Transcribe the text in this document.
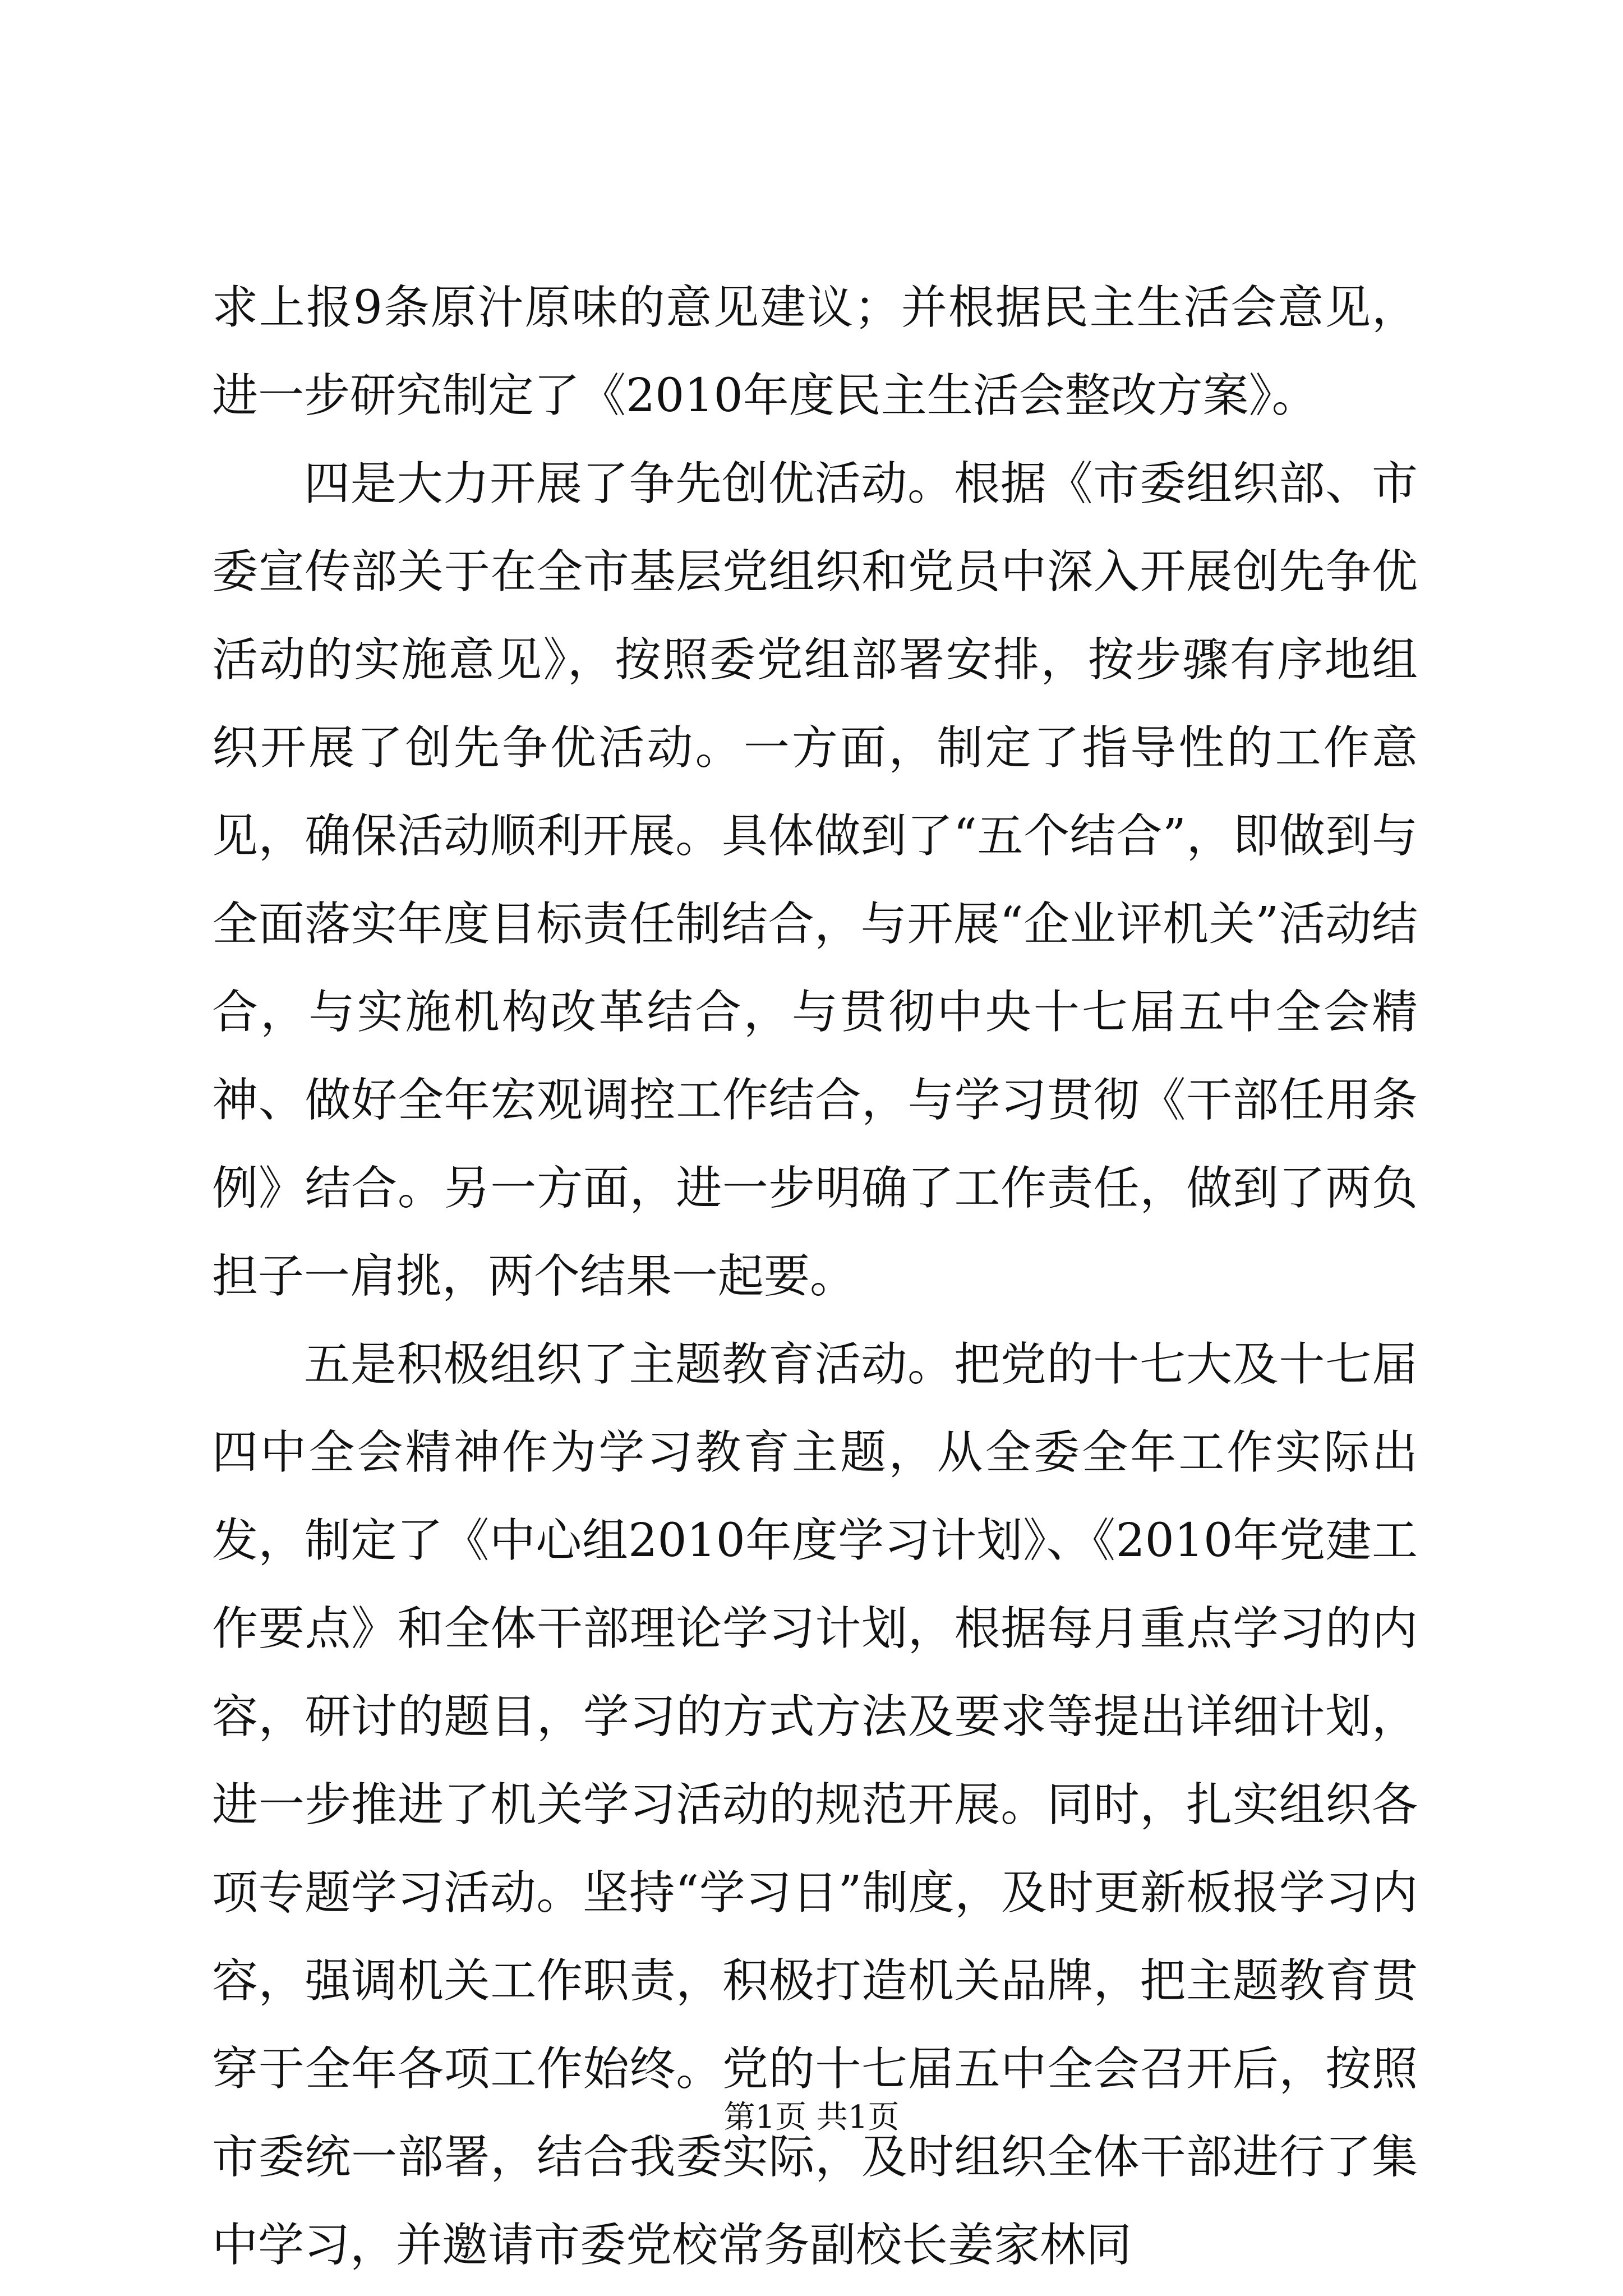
求上报9条原汁原味的意见建议；并根据民主生活会意见，进一步研究制定了《2010年度民主生活会整改方案》。

四是大力开展了争先创优活动。根据《市委组织部、市委宣传部关于在全市基层党组织和党员中深入开展创先争优活动的实施意见》，按照委党组部署安排，按步骤有序地组织开展了创先争优活动。一方面，制定了指导性的工作意见，确保活动顺利开展。具体做到了“五个结合”，即做到与全面落实年度目标责任制结合，与开展“企业评机关”活动结合，与实施机构改革结合，与贯彻中央十七届五中全会精神、做好全年宏观调控工作结合，与学习贯彻《干部任用条例》结合。另一方面，进一步明确了工作责任，做到了两负担子一肩挑，两个结果一起要。

五是积极组织了主题教育活动。把党的十七大及十七届四中全会精神作为学习教育主题，从全委全年工作实际出发，制定了《中心组2010年度学习计划》、《2010年党建工作要点》和全体干部理论学习计划，根据每月重点学习的内容，研讨的题目，学习的方式方法及要求等提出详细计划，进一步推进了机关学习活动的规范开展。同时，扎实组织各项专题学习活动。坚持“学习日”制度，及时更新板报学习内容，强调机关工作职责，积极打造机关品牌，把主题教育贯穿于全年各项工作始终。党的十七届五中全会召开后，按照市委统一部署，结合我委实际，及时组织全体干部进行了集中学习，并邀请市委党校常务副校长姜家林同

第1页 共1页
